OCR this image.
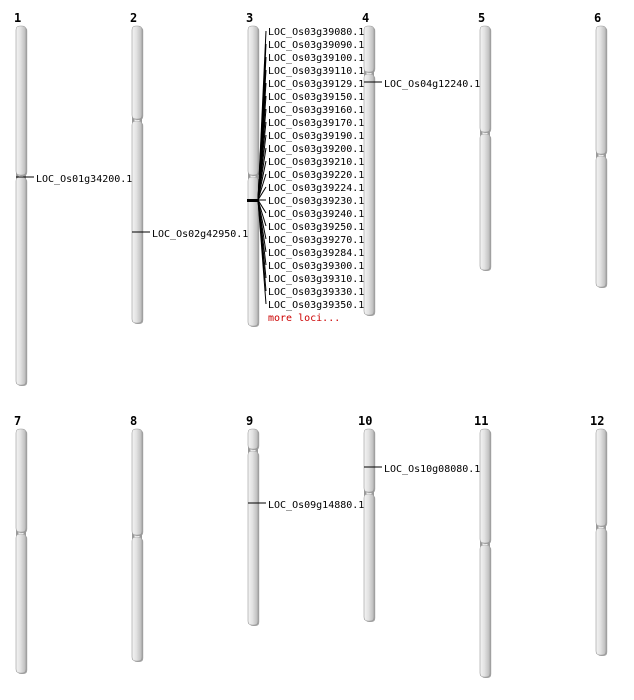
1	2	3	4	5	6
7	8	9	10	11	12
LOC_Os01g34200.1
LOC_Os02g42950.1
LOC_Os03g39080.1
LOC_Os03g39090.1
LOC_Os03g39100.1
LOC_Os03g39110.1
LOC_Os03g39129.1
LOC_Os03g39150.1
LOC_Os03g39160.1
LOC_Os03g39170.1
LOC_Os03g39190.1
LOC_Os03g39200.1
LOC_Os03g39210.1
LOC_Os03g39220.1
LOC_Os03g39224.1
LOC_Os03g39230.1
LOC_Os03g39240.1
LOC_Os03g39250.1
LOC_Os03g39270.1
LOC_Os03g39284.1
LOC_Os03g39300.1
LOC_Os03g39310.1
LOC_Os03g39330.1
LOC_Os03g39350.1
more loci...
LOC_Os04g12240.1
LOC_Os09g14880.1
LOC_Os10g08080.1
